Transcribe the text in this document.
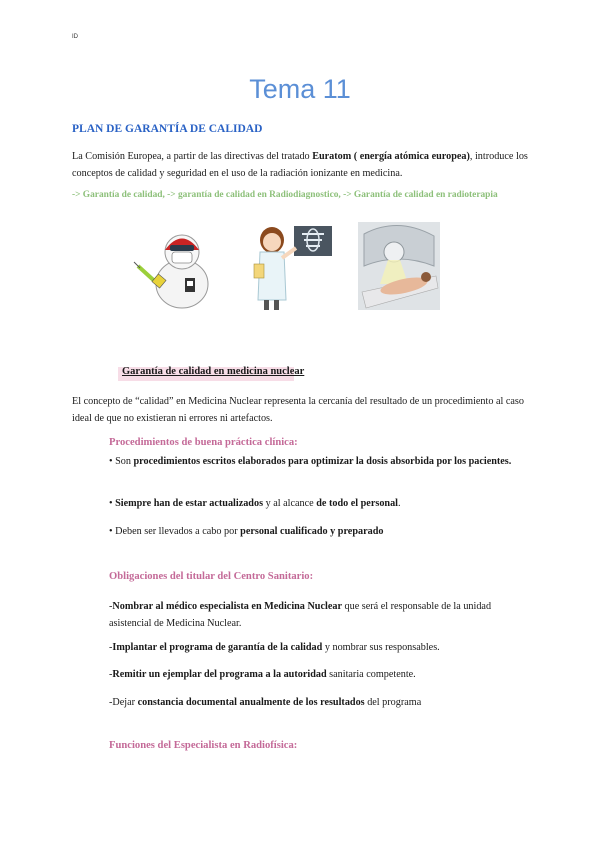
ID
Tema 11
PLAN DE GARANTÍA DE CALIDAD
La Comisión Europea, a partir de las directivas del tratado Euratom ( energía atómica europea), introduce los conceptos de calidad y seguridad en el uso de la radiación ionizante en medicina.
-> Garantía de calidad, -> garantía de calidad en Radiodiagnostico, -> Garantía de calidad en radioterapia
Garantía de calidad en medicina nuclear
El concepto de “calidad” en Medicina Nuclear representa la cercanía del resultado de un procedimiento al caso ideal de que no existieran ni errores ni artefactos.
Procedimientos de buena práctica clínica:
• Son procedimientos escritos elaborados para optimizar la dosis absorbida por los pacientes.
• Siempre han de estar actualizados y al alcance de todo el personal.
• Deben ser llevados a cabo por personal cualificado y preparado
Obligaciones del titular del Centro Sanitario:
-Nombrar al médico especialista en Medicina Nuclear que será el responsable de la unidad asistencial de Medicina Nuclear.
-Implantar el programa de garantía de la calidad y nombrar sus responsables.
-Remitir un ejemplar del programa a la autoridad sanitaria competente.
-Dejar constancia documental anualmente de los resultados del programa
Funciones del Especialista en Radiofísica:
